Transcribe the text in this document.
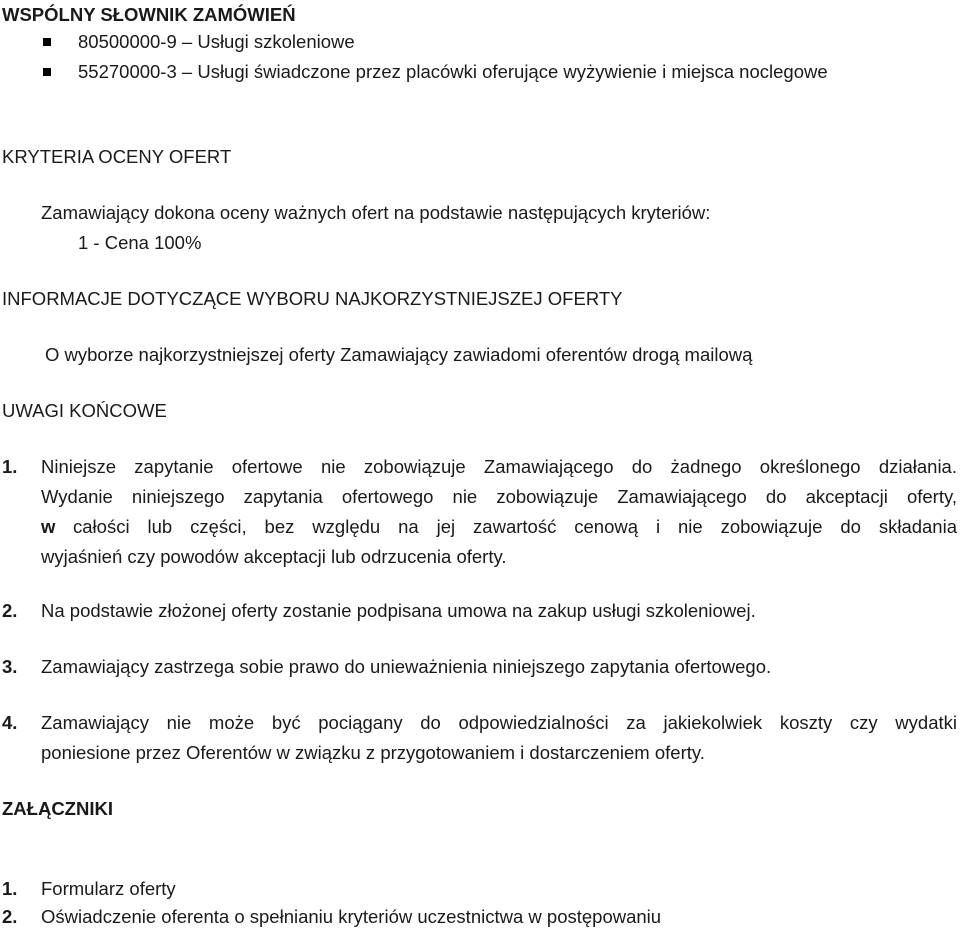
WSPÓLNY SŁOWNIK ZAMÓWIEŃ
80500000-9 – Usługi szkoleniowe
55270000-3 – Usługi świadczone przez placówki oferujące wyżywienie i miejsca noclegowe
KRYTERIA OCENY OFERT
Zamawiający dokona oceny ważnych ofert na podstawie następujących kryteriów:
1 - Cena 100%
INFORMACJE DOTYCZĄCE WYBORU NAJKORZYSTNIEJSZEJ OFERTY
O wyborze najkorzystniejszej oferty Zamawiający zawiadomi oferentów drogą mailową
UWAGI KOŃCOWE
1. Niniejsze zapytanie ofertowe nie zobowiązuje Zamawiającego do żadnego określonego działania.
Wydanie niniejszego zapytania ofertowego nie zobowiązuje Zamawiającego do akceptacji oferty,
w całości lub części, bez względu na jej zawartość cenową i nie zobowiązuje do składania
wyjaśnień czy powodów akceptacji lub odrzucenia oferty.
2. Na podstawie złożonej oferty zostanie podpisana umowa na zakup usługi szkoleniowej.
3. Zamawiający zastrzega sobie prawo do unieważnienia niniejszego zapytania ofertowego.
4. Zamawiający nie może być pociągany do odpowiedzialności za jakiekolwiek koszty czy wydatki
poniesione przez Oferentów w związku z przygotowaniem i dostarczeniem oferty.
ZAŁĄCZNIKI
1. Formularz oferty
2. Oświadczenie oferenta o spełnianiu kryteriów uczestnictwa w postępowaniu
